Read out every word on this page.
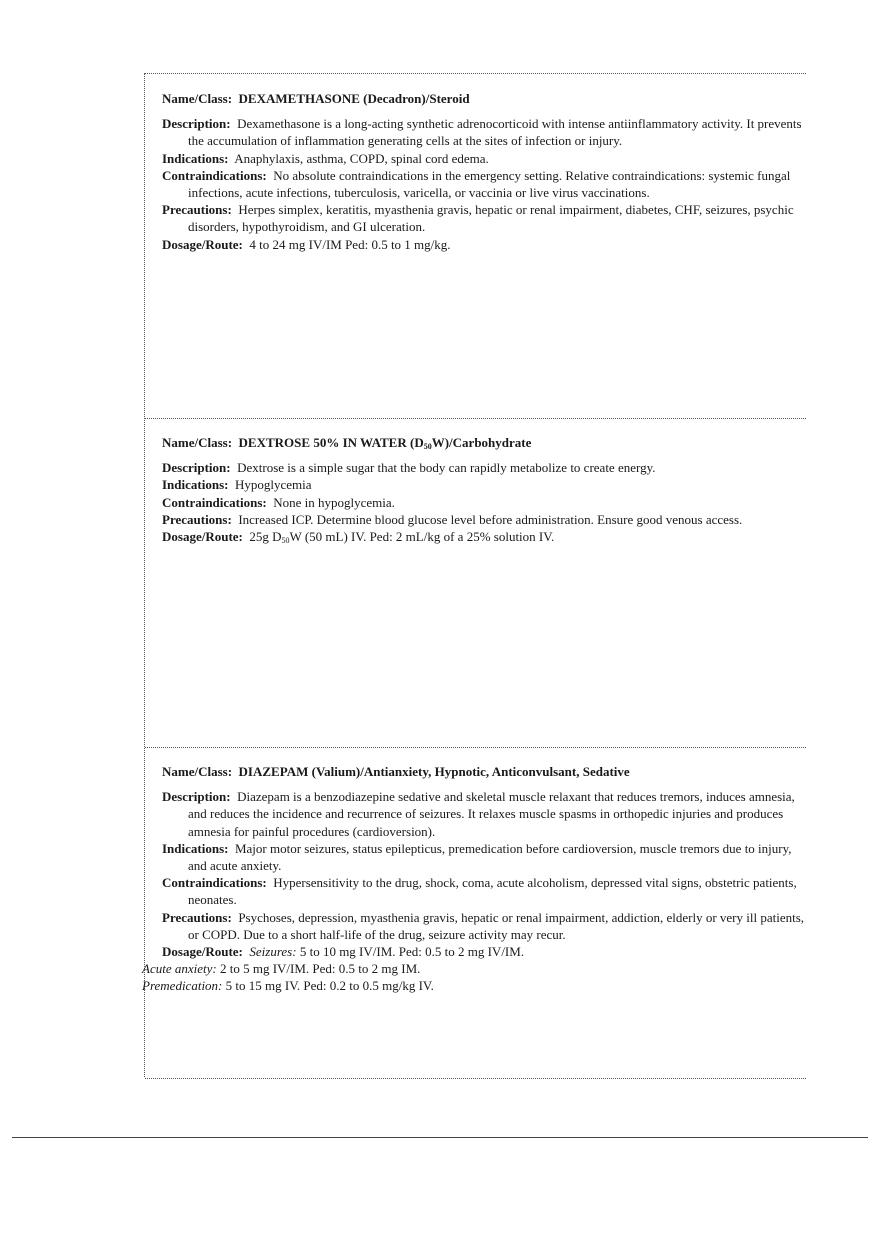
Name/Class: DEXAMETHASONE (Decadron)/Steroid

Description: Dexamethasone is a long-acting synthetic adrenocorticoid with intense antiinflammatory activity. It prevents the accumulation of inflammation generating cells at the sites of infection or injury.

Indications: Anaphylaxis, asthma, COPD, spinal cord edema.

Contraindications: No absolute contraindications in the emergency setting. Relative contraindications: systemic fungal infections, acute infections, tuberculosis, varicella, or vaccinia or live virus vaccinations.

Precautions: Herpes simplex, keratitis, myasthenia gravis, hepatic or renal impairment, diabetes, CHF, seizures, psychic disorders, hypothyroidism, and GI ulceration.

Dosage/Route: 4 to 24 mg IV/IM Ped: 0.5 to 1 mg/kg.

Name/Class: DEXTROSE 50% IN WATER $(D_{50}W)$/Carbohydrate

Description: Dextrose is a simple sugar that the body can rapidly metabolize to create energy.

Indications: Hypoglycemia

Contraindications: None in hypoglycemia.

Precautions: Increased ICP. Determine blood glucose level before administration. Ensure good venous access.

Dosage/Route: 25g $D_{50}W$ (50 mL) IV. Ped: 2 mL/kg of a 25% solution IV.

Name/Class: DIAZEPAM (Valium)/Antianxiety, Hypnotic, Anticonvulsant, Sedative

Description: Diazepam is a benzodiazepine sedative and skeletal muscle relaxant that reduces tremors, induces amnesia, and reduces the incidence and recurrence of seizures. It relaxes muscle spasms in orthopedic injuries and produces amnesia for painful procedures (cardioversion).

Indications: Major motor seizures, status epilepticus, premedication before cardioversion, muscle tremors due to injury, and acute anxiety.

Contraindications: Hypersensitivity to the drug, shock, coma, acute alcoholism, depressed vital signs, obstetric patients, neonates.

Precautions: Psychoses, depression, myasthenia gravis, hepatic or renal impairment, addiction, elderly or very ill patients, or COPD. Due to a short half-life of the drug, seizure activity may recur.

Dosage/Route: Seizures: 5 to 10 mg IV/IM. Ped: 0.5 to 2 mg IV/IM.

Acute anxiety: 2 to 5 mg IV/IM. Ped: 0.5 to 2 mg IM.

Premedication: 5 to 15 mg IV. Ped: 0.2 to 0.5 mg/kg IV.
